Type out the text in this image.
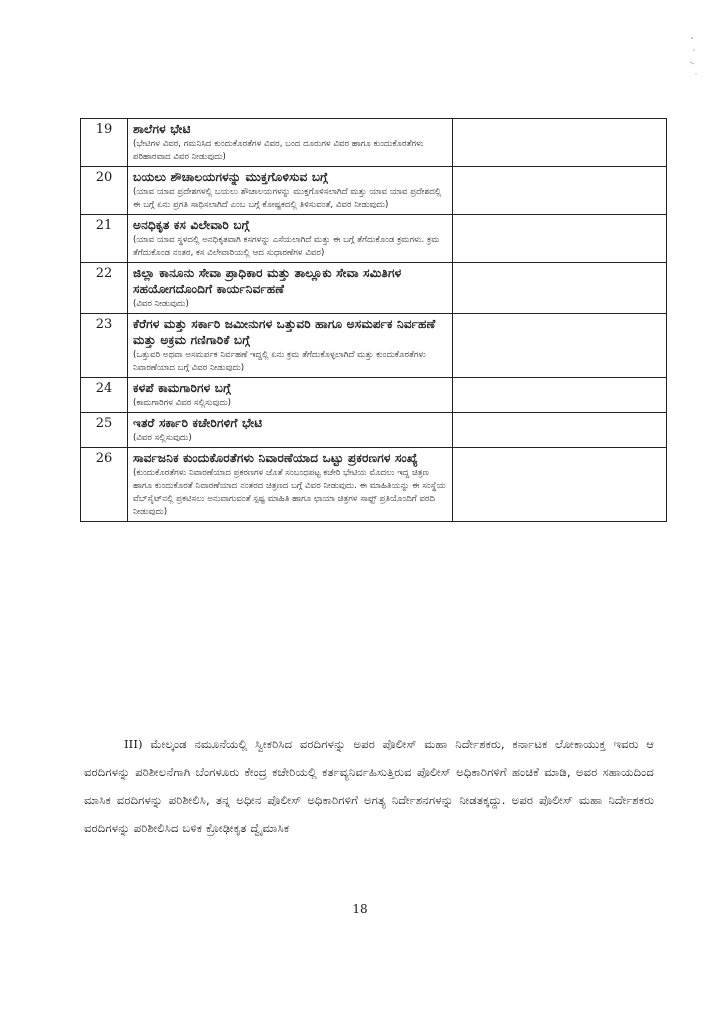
19	ಶಾಲೆಗಳ ಭೇಟಿ
(ಭೇಟಿಗಳ ವಿವರ, ಗಮನಿಸಿದ ಕುಂದುಕೊರತೆಗಳ ವಿವರ, ಬಂದ ದೂರುಗಳ ವಿವರ ಹಾಗೂ ಕುಂದುಕೊರತೆಗಳು ಪರಿಹಾರವಾದ ವಿವರ ನೀಡುವುದು)	

20	ಬಯಲು ಶೌಚಾಲಯಗಳನ್ನು ಮುಕ್ತಗೊಳಿಸುವ ಬಗ್ಗೆ
(ಯಾವ ಯಾವ ಪ್ರದೇಶಗಳಲ್ಲಿ ಬಯಲು ಶೌಚಾಲಯಗಳನ್ನು ಮುಕ್ತಗೊಳಿಸಲಾಗಿದೆ ಮತ್ತು ಯಾವ ಯಾವ ಪ್ರದೇಶದಲ್ಲಿ ಈ ಬಗ್ಗೆ ಏನು ಪ್ರಗತಿ ಸಾಧಿಸಲಾಗಿದೆ ಎಂಬ ಬಗ್ಗೆ ಕೋಷ್ಟಕದಲ್ಲಿ ತಿಳಿಸುವಂತೆ, ವಿವರ ನೀಡುವುದು)	

21	ಅನಧಿಕೃತ ಕಸ ವಿಲೇವಾರಿ ಬಗ್ಗೆ
(ಯಾವ ಯಾವ ಸ್ಥಳದಲ್ಲಿ ಅನಧಿಕೃತವಾಗಿ ಕಸಗಳನ್ನು ಎಸೆಯಲಾಗಿದೆ ಮತ್ತು ಈ ಬಗ್ಗೆ ತೆಗೆದುಕೊಂಡ ಕ್ರಮಗಳು. ಕ್ರಮ ತೆಗೆದುಕೊಂಡ ನಂತರ, ಕಸ ವಿಲೇವಾರಿಯಲ್ಲಿ ಆದ ಸುಧಾರಣೆಗಳ ವಿವರ)	

22	ಜಿಲ್ಲಾ ಕಾನೂನು ಸೇವಾ ಪ್ರಾಧಿಕಾರ ಮತ್ತು ತಾಲ್ಲೂಕು ಸೇವಾ ಸಮಿತಿಗಳ ಸಹಯೋಗದೊಂದಿಗೆ ಕಾರ್ಯನಿರ್ವಹಣೆ
(ವಿವರ ನೀಡುವುದು)	

23	ಕೆರೆಗಳ ಮತ್ತು ಸರ್ಕಾರಿ ಜಮೀನುಗಳ ಒತ್ತುವರಿ ಹಾಗೂ ಅಸಮರ್ಪಕ ನಿರ್ವಹಣೆ ಮತ್ತು ಅಕ್ರಮ ಗಣಿಗಾರಿಕೆ ಬಗ್ಗೆ
(ಒತ್ತುವರಿ ಅಥವಾ ಅಸಮರ್ಪಕ ನಿರ್ವಹಣೆ ಇದ್ದಲ್ಲಿ ಏನು ಕ್ರಮ ತೆಗೆದುಕೊಳ್ಳಲಾಗಿದೆ ಮತ್ತು ಕುಂದುಕೊರತೆಗಳು ನಿವಾರಣೆಯಾದ ಬಗ್ಗೆ ವಿವರ ನೀಡುವುದು)	

24	ಕಳಪೆ ಕಾಮಗಾರಿಗಳ ಬಗ್ಗೆ
(ಕಾಮಗಾರಿಗಳ ವಿವರ ಸಲ್ಲಿಸುವುದು)	

25	ಇತರೆ ಸರ್ಕಾರಿ ಕಚೇರಿಗಳಿಗೆ ಭೇಟಿ
(ವಿವರ ಸಲ್ಲಿಸುವುದು)	

26	ಸಾರ್ವಜನಿಕ ಕುಂದುಕೊರತೆಗಳು ನಿವಾರಣೆಯಾದ ಒಟ್ಟು ಪ್ರಕರಣಗಳ ಸಂಖ್ಯೆ
(ಕುಂದುಕೊರತೆಗಳು ನಿವಾರಣೆಯಾದ ಪ್ರಕರಣಗಳ ಜೊತೆ ಸಂಬಂಧಪಟ್ಟ ಕಚೇರಿ ಭೇಟಿಯ ಮೊದಲು ಇದ್ದ ಚಿತ್ರಣ ಹಾಗೂ ಕುಂದುಕೊರತೆ ನಿವಾರಣೆಯಾದ ನಂತರದ ಚಿತ್ರಣದ ಬಗ್ಗೆ ವಿವರ ನೀಡುವುದು. ಈ ಮಾಹಿತಿಯನ್ನು ಈ ಸಂಸ್ಥೆಯ ವೆಬ್‌ಸೈಟ್‌ನಲ್ಲಿ ಪ್ರಕಟಿಸಲು ಅನುವಾಗುವಂತೆ ಸ್ಪಷ್ಟ ಮಾಹಿತಿ ಹಾಗೂ ಛಾಯಾ ಚಿತ್ರಗಳ ಸಾಫ್ಟ್ ಪ್ರತಿಯೊಂದಿಗೆ ವರದಿ ನೀಡುವುದು)	

III) ಮೇಲ್ಕಂಡ ನಮೂನೆಯಲ್ಲಿ ಸ್ವೀಕರಿಸಿದ ವರದಿಗಳನ್ನು ಅಪರ ಪೊಲೀಸ್ ಮಹಾ ನಿರ್ದೇಶಕರು, ಕರ್ನಾಟಕ ಲೋಕಾಯುಕ್ತ ಇವರು ಆ ವರದಿಗಳನ್ನು ಪರಿಶೀಲನೆಗಾಗಿ ಬೆಂಗಳೂರು ಕೇಂದ್ರ ಕಚೇರಿಯಲ್ಲಿ ಕರ್ತವ್ಯನಿರ್ವಹಿಸುತ್ತಿರುವ ಪೊಲೀಸ್ ಅಧಿಕಾರಿಗಳಿಗೆ ಹಂಚಿಕೆ ಮಾಡಿ, ಅವರ ಸಹಾಯದಿಂದ ಮಾಸಿಕ ವರದಿಗಳನ್ನು ಪರಿಶೀಲಿಸಿ, ತನ್ನ ಅಧೀನ ಪೊಲೀಸ್ ಅಧಿಕಾರಿಗಳಿಗೆ ಅಗತ್ಯ ನಿರ್ದೇಶನಗಳನ್ನು ನೀಡತಕ್ಕದ್ದು. ಅಪರ ಪೊಲೀಸ್ ಮಹಾ ನಿರ್ದೇಶಕರು ವರದಿಗಳನ್ನು ಪರಿಶೀಲಿಸಿದ ಬಳಿಕ ಕ್ರೋಢೀಕೃತ ದ್ವೈಮಾಸಿಕ
18
